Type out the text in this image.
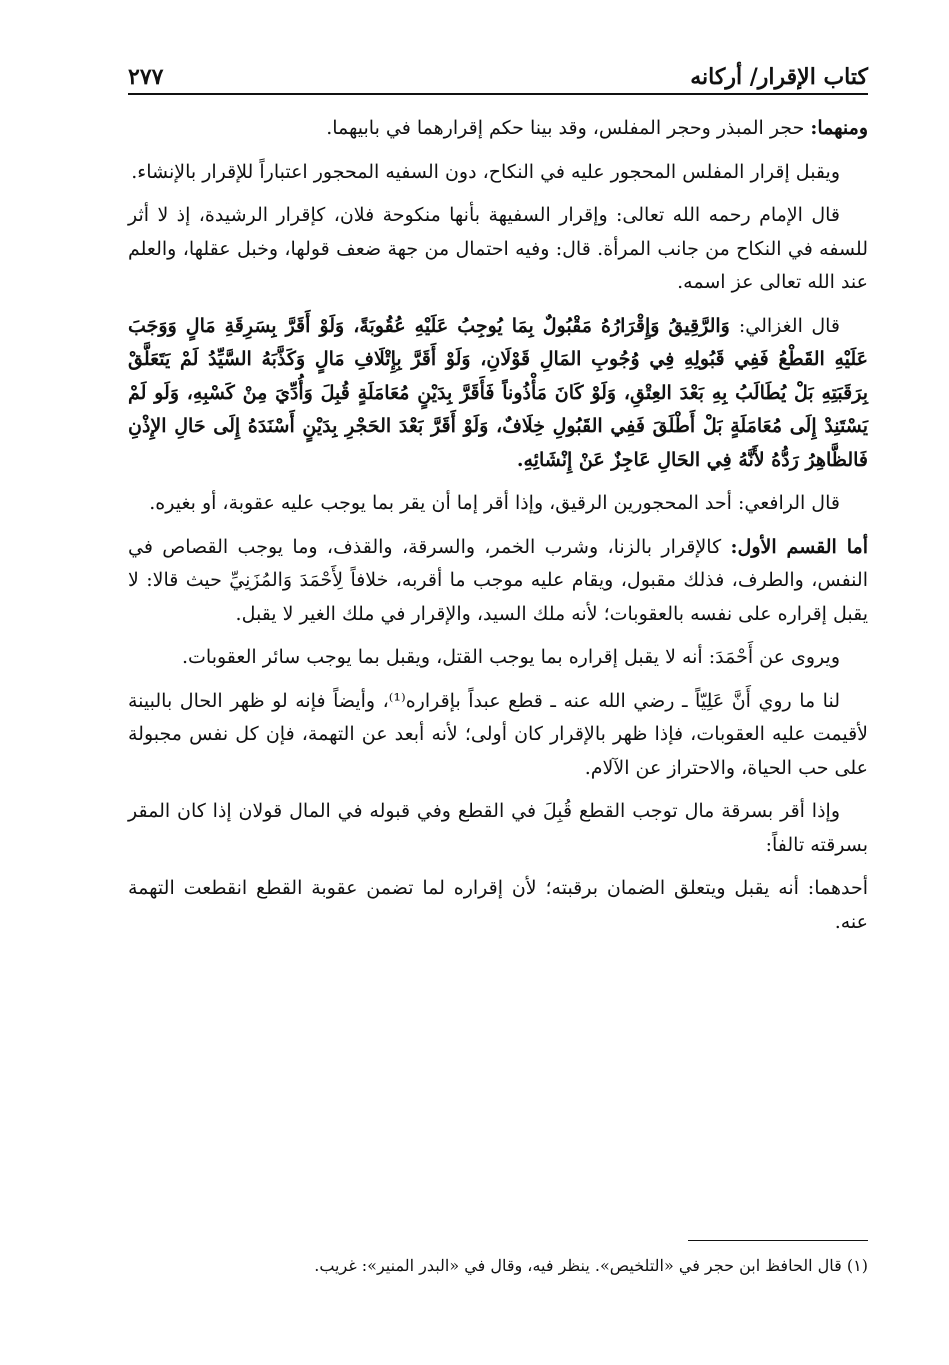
كتاب الإقرار/ أركانه
٢٧٧

ومنهما: حجر المبذر وحجر المفلس، وقد بينا حكم إقرارهما في بابيهما.

ويقبل إقرار المفلس المحجور عليه في النكاح، دون السفيه المحجور اعتباراً للإقرار بالإنشاء.

قال الإمام رحمه الله تعالى: وإقرار السفيهة بأنها منكوحة فلان، كإقرار الرشيدة، إذ لا أثر للسفه في النكاح من جانب المرأة. قال: وفيه احتمال من جهة ضعف قولها، وخبل عقلها، والعلم عند الله تعالى عز اسمه.

قال الغزالي: وَالرَّقِيقُ وَإِقْرَارُهُ مَقْبُولٌ بِمَا يُوجِبُ عَلَيْهِ عُقُوبَةً، وَلَوْ أَقَرَّ بِسَرِقَةِ مَالٍ وَوَجَبَ عَلَيْهِ القَطْعُ فَفِي قَبُولِهِ فِي وُجُوبِ المَالِ قَوْلَانِ، وَلَوْ أَقَرَّ بِإِتْلَافِ مَالٍ وَكَذَّبَهُ السَّيِّدُ لَمْ يَتَعَلَّقْ بِرَقَبَتِهِ بَلْ يُطَالَبُ بِهِ بَعْدَ العِتْقِ، وَلَوْ كَانَ مَأْذُوناً فَأَقَرَّ بِدَيْنٍ مُعَامَلَةٍ قُبِلَ وَأُدِّيَ مِنْ كَسْبِهِ، وَلَو لَمْ يَسْتَنِدْ إِلَى مُعَامَلَةٍ بَلْ أَطْلَقَ فَفِي القَبُولِ خِلَافٌ، وَلَوْ أَقَرَّ بَعْدَ الحَجْرِ بِدَيْنٍ أَسْنَدَهُ إِلَى حَالِ الإِذْنِ فَالظَّاهِرُ رَدُّهُ لأَنَّهُ فِي الحَالِ عَاجِزٌ عَنْ إِنْشَائِهِ.

قال الرافعي: أحد المحجورين الرقيق، وإذا أقر إما أن يقر بما يوجب عليه عقوبة، أو بغيره.

أما القسم الأول: كالإقرار بالزنا، وشرب الخمر، والسرقة، والقذف، وما يوجب القصاص في النفس، والطرف، فذلك مقبول، ويقام عليه موجب ما أقربه، خلافاً لِأَحْمَدَ وَالمُزَنِيِّ حيث قالا: لا يقبل إقراره على نفسه بالعقوبات؛ لأنه ملك السيد، والإقرار في ملك الغير لا يقبل.

ويروى عن أَحْمَدَ: أنه لا يقبل إقراره بما يوجب القتل، ويقبل بما يوجب سائر العقوبات.

لنا ما روي أَنَّ عَلِيّاً ـ رضي الله عنه ـ قطع عبداً بإقراره⁽¹⁾، وأيضاً فإنه لو ظهر الحال بالبينة لأقيمت عليه العقوبات، فإذا ظهر بالإقرار كان أولى؛ لأنه أبعد عن التهمة، فإن كل نفس مجبولة على حب الحياة، والاحتراز عن الآلام.

وإذا أقر بسرقة مال توجب القطع قُبِلَ في القطع وفي قبوله في المال قولان إذا كان المقر بسرقته تالفاً:

أحدهما: أنه يقبل ويتعلق الضمان برقبته؛ لأن إقراره لما تضمن عقوبة القطع انقطعت التهمة عنه.

(١) قال الحافظ ابن حجر في «التلخيص». ينظر فيه، وقال في «البدر المنير»: غريب.
